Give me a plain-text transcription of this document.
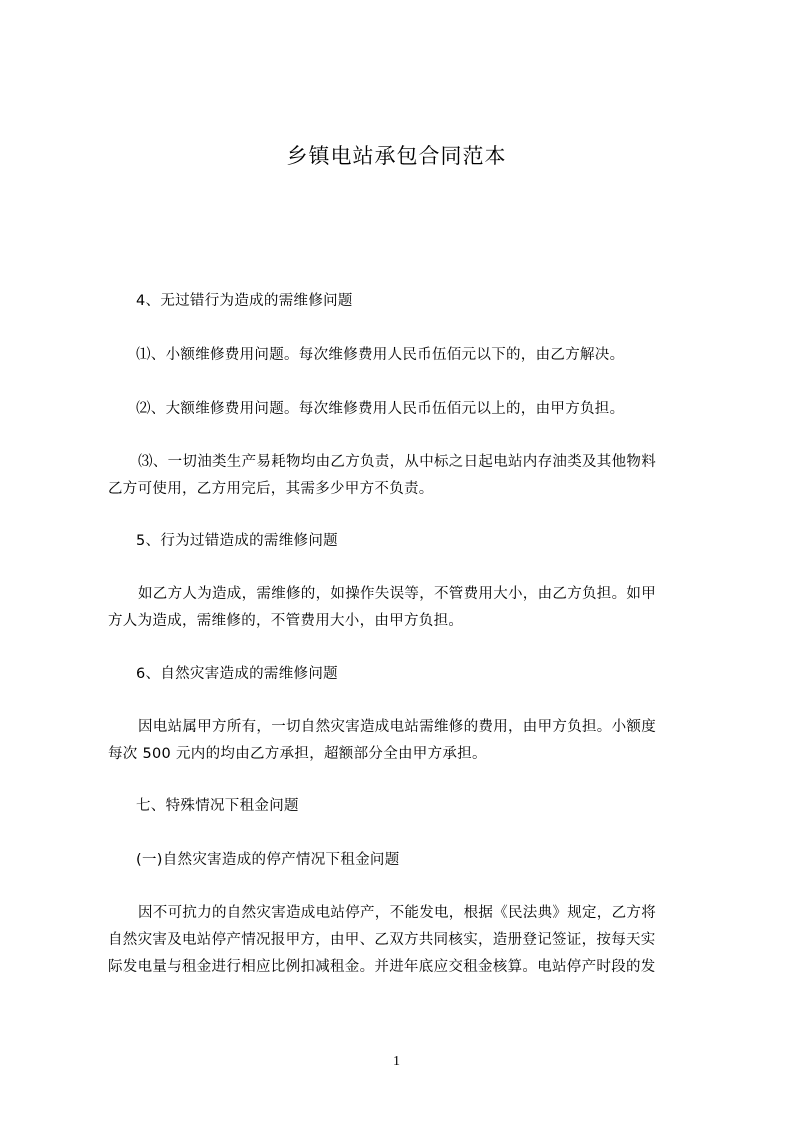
乡镇电站承包合同范本
4、无过错行为造成的需维修问题
⑴、小额维修费用问题。每次维修费用人民币伍佰元以下的，由乙方解决。
⑵、大额维修费用问题。每次维修费用人民币伍佰元以上的，由甲方负担。
⑶、一切油类生产易耗物均由乙方负责，从中标之日起电站内存油类及其他物料
乙方可使用，乙方用完后，其需多少甲方不负责。
5、行为过错造成的需维修问题
如乙方人为造成，需维修的，如操作失误等，不管费用大小，由乙方负担。如甲
方人为造成，需维修的，不管费用大小，由甲方负担。
6、自然灾害造成的需维修问题
因电站属甲方所有，一切自然灾害造成电站需维修的费用，由甲方负担。小额度
每次 500 元内的均由乙方承担，超额部分全由甲方承担。
七、特殊情况下租金问题
(一)自然灾害造成的停产情况下租金问题
因不可抗力的自然灾害造成电站停产，不能发电，根据《民法典》规定，乙方将
自然灾害及电站停产情况报甲方，由甲、乙双方共同核实，造册登记签证，按每天实
际发电量与租金进行相应比例扣减租金。并进年底应交租金核算。电站停产时段的发
1
